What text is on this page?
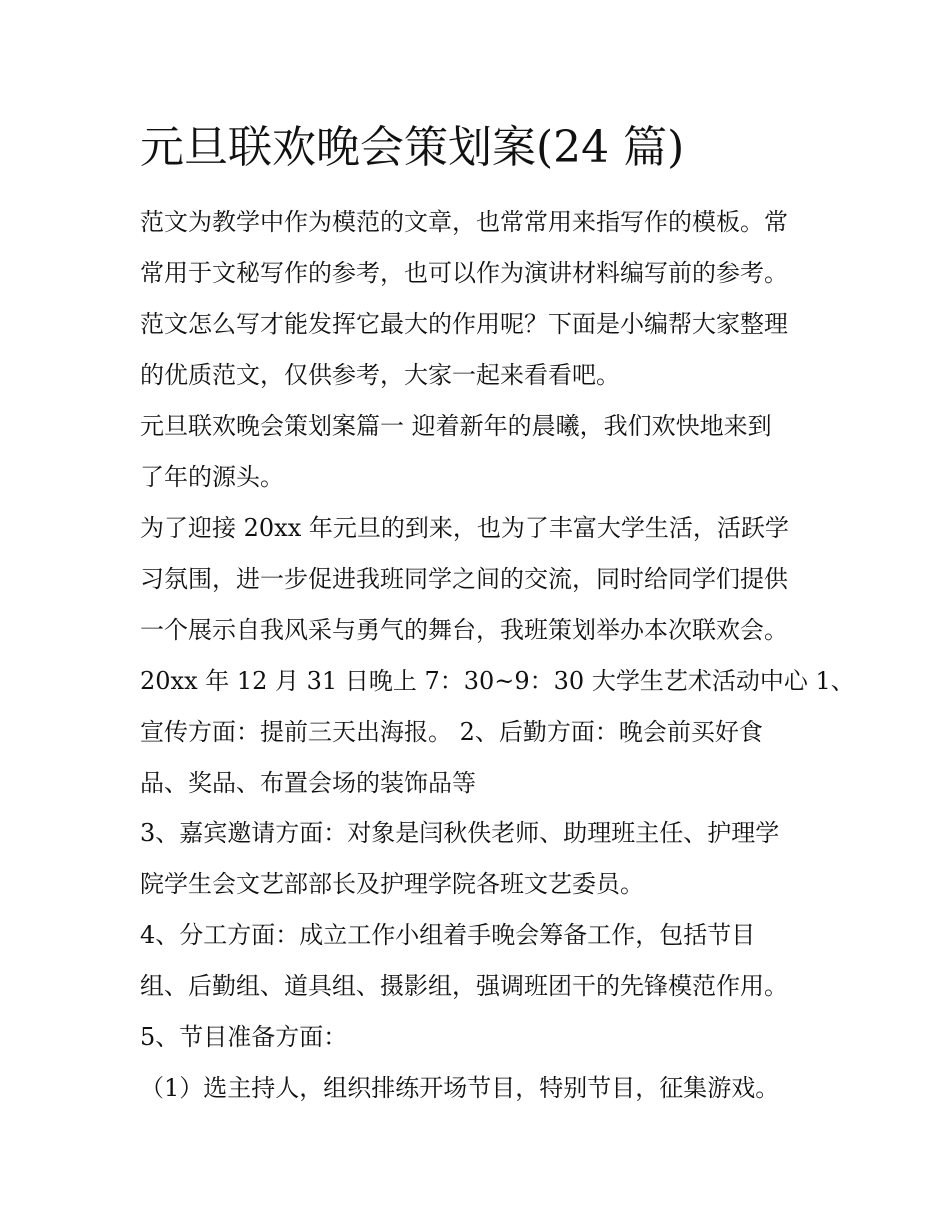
元旦联欢晚会策划案(24 篇)

范文为教学中作为模范的文章，也常常用来指写作的模板。常

常用于文秘写作的参考，也可以作为演讲材料编写前的参考。

范文怎么写才能发挥它最大的作用呢？下面是小编帮大家整理

的优质范文，仅供参考，大家一起来看看吧。

元旦联欢晚会策划案篇一 迎着新年的晨曦，我们欢快地来到

了年的源头。

为了迎接 20xx 年元旦的到来，也为了丰富大学生活，活跃学

习氛围，进一步促进我班同学之间的交流，同时给同学们提供

一个展示自我风采与勇气的舞台，我班策划举办本次联欢会。

20xx 年 12 月 31 日晚上 7：30~9：30 大学生艺术活动中心 1、

宣传方面：提前三天出海报。 2、后勤方面：晚会前买好食

品、奖品、布置会场的装饰品等

3、嘉宾邀请方面：对象是闫秋佚老师、助理班主任、护理学

院学生会文艺部部长及护理学院各班文艺委员。

4、分工方面：成立工作小组着手晚会筹备工作，包括节目

组、后勤组、道具组、摄影组，强调班团干的先锋模范作用。

5、节目准备方面：

（1）选主持人，组织排练开场节目，特别节目，征集游戏。
